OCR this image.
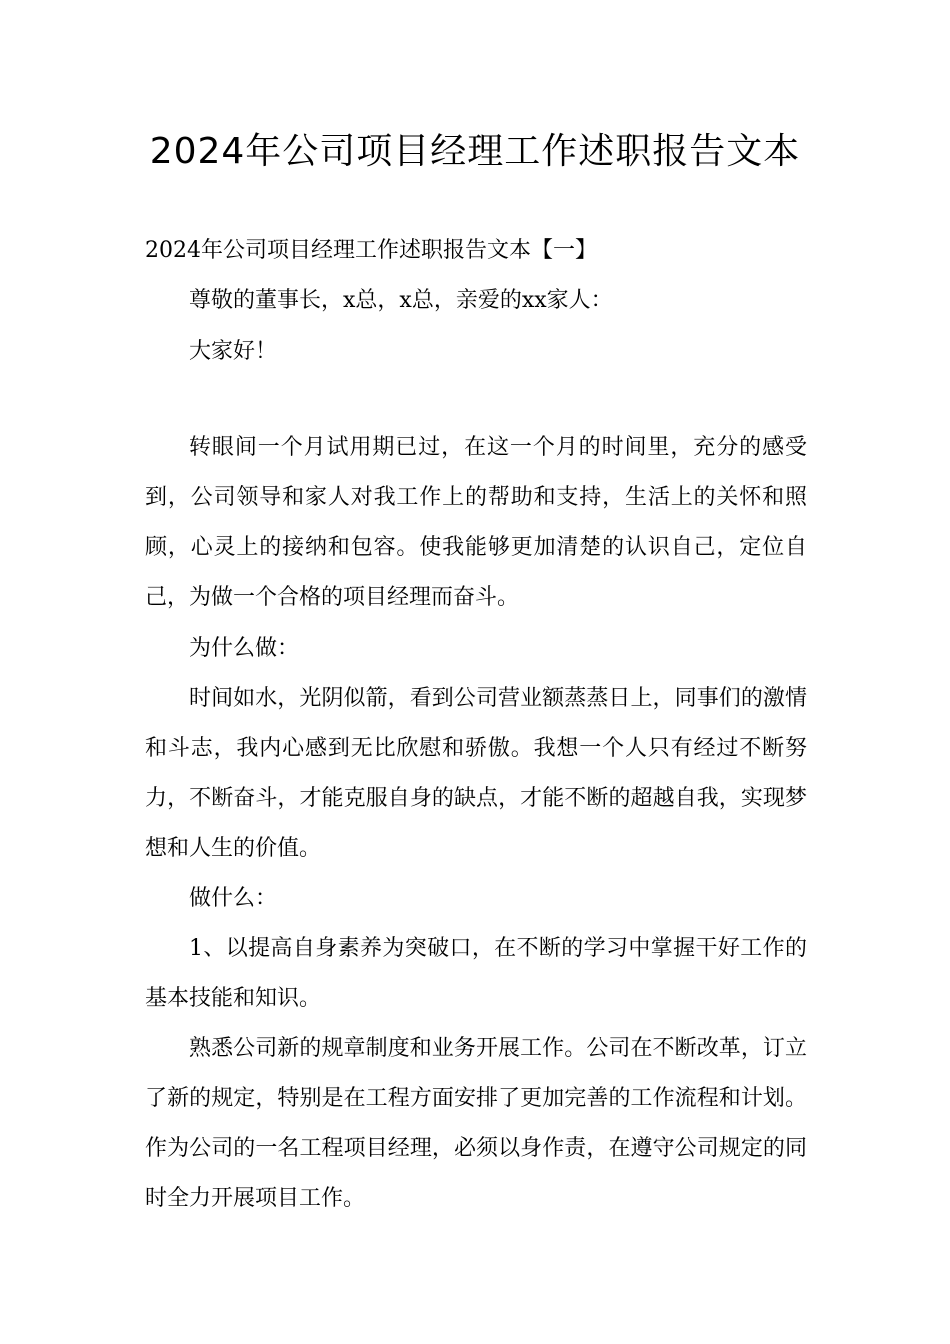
2024年公司项目经理工作述职报告文本

2024年公司项目经理工作述职报告文本【一】

尊敬的董事长，x总，x总，亲爱的xx家人：

大家好！

转眼间一个月试用期已过，在这一个月的时间里，充分的感受到，公司领导和家人对我工作上的帮助和支持，生活上的关怀和照顾，心灵上的接纳和包容。使我能够更加清楚的认识自己，定位自己，为做一个合格的项目经理而奋斗。

为什么做：

时间如水，光阴似箭，看到公司营业额蒸蒸日上，同事们的激情和斗志，我内心感到无比欣慰和骄傲。我想一个人只有经过不断努力，不断奋斗，才能克服自身的缺点，才能不断的超越自我，实现梦想和人生的价值。

做什么：

1、以提高自身素养为突破口，在不断的学习中掌握干好工作的基本技能和知识。

熟悉公司新的规章制度和业务开展工作。公司在不断改革，订立了新的规定，特别是在工程方面安排了更加完善的工作流程和计划。作为公司的一名工程项目经理，必须以身作责，在遵守公司规定的同时全力开展项目工作。
